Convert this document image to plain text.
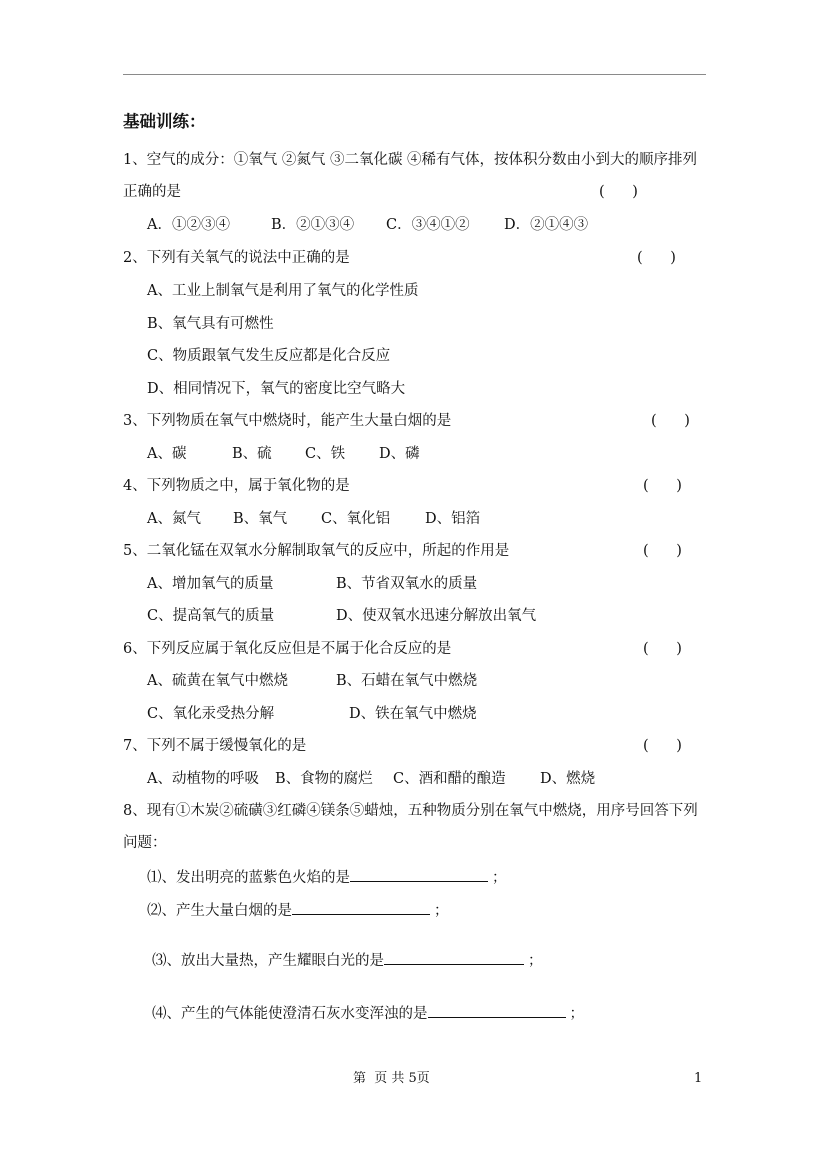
基础训练：
1、空气的成分：①氧气 ②氮气 ③二氧化碳 ④稀有气体，按体积分数由小到大的顺序排列
正确的是	(      )
A．①②③④	B．②①③④ C．③④①② D．②①④③
2、下列有关氧气的说法中正确的是	(      )
A、工业上制氧气是利用了氧气的化学性质
B、氧气具有可燃性
C、物质跟氧气发生反应都是化合反应
D、相同情况下，氧气的密度比空气略大
3、下列物质在氧气中燃烧时，能产生大量白烟的是	(      )
A、碳	B、硫 C、铁 D、磷
4、下列物质之中，属于氧化物的是	(      )
A、氮气 B、氧气 C、氧化铝 D、铝箔
5、二氧化锰在双氧水分解制取氧气的反应中，所起的作用是	(      )
A、增加氧气的质量	B、节省双氧水的质量
C、提高氧气的质量	D、使双氧水迅速分解放出氧气
6、下列反应属于氧化反应但是不属于化合反应的是	(      )
A、硫黄在氧气中燃烧	B、石蜡在氧气中燃烧
C、氧化汞受热分解	D、铁在氧气中燃烧
7、下列不属于缓慢氧化的是	(      )
A、动植物的呼吸 B、食物的腐烂 C、酒和醋的酿造 D、燃烧
8、现有①木炭②硫磺③红磷④镁条⑤蜡烛，五种物质分别在氧气中燃烧，用序号回答下列
问题：
⑴、发出明亮的蓝紫色火焰的是	；
⑵、产生大量白烟的是	；
⑶、放出大量热，产生耀眼白光的是	；
⑷、产生的气体能使澄清石灰水变浑浊的是	；
第  页 共 5页	1
